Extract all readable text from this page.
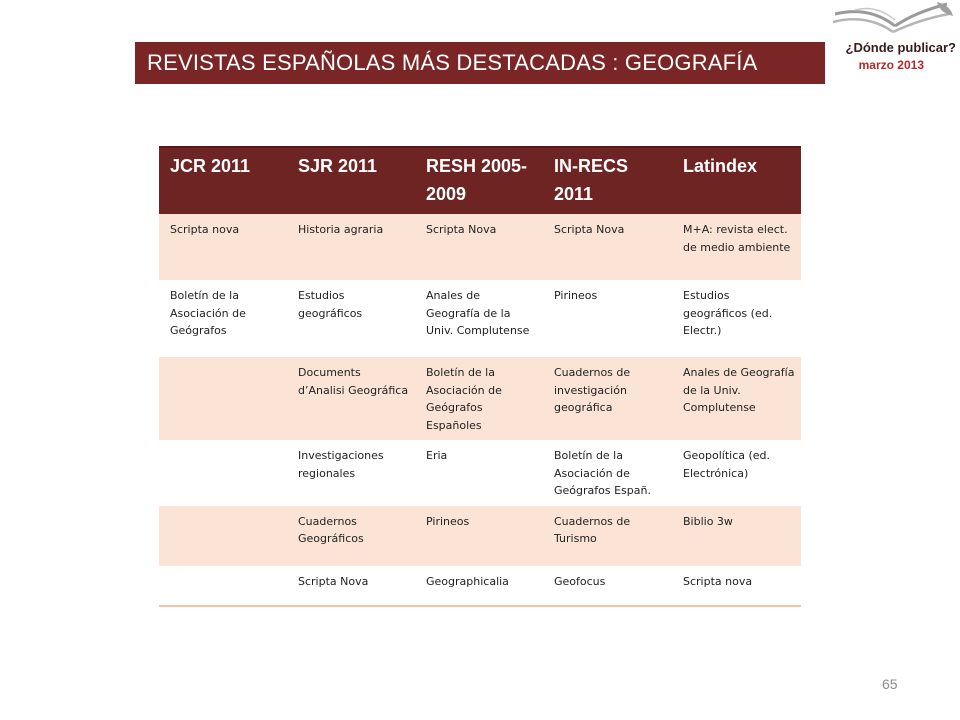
REVISTAS ESPAÑOLAS MÁS DESTACADAS : GEOGRAFÍA
¿Dónde publicar?
marzo 2013
JCR 2011	SJR 2011	RESH 2005-2009	IN-RECS 2011	Latindex
Scripta nova	Historia agraria	Scripta Nova	Scripta Nova	M+A: revista elect. de medio ambiente
Boletín de la Asociación de Geógrafos	Estudios geográficos	Anales de Geografía de la Univ. Complutense	Pirineos	Estudios geográficos (ed. Electr.)
	Documents d’Analisi Geográfica	Boletín de la Asociación de Geógrafos Españoles	Cuadernos de investigación geográfica	Anales de Geografía de la Univ. Complutense
	Investigaciones regionales	Eria	Boletín de la Asociación de Geógrafos Españ.	Geopolítica (ed. Electrónica)
	Cuadernos Geográficos	Pirineos	Cuadernos de Turismo	Biblio 3w
	Scripta Nova	Geographicalia	Geofocus	Scripta nova
65
